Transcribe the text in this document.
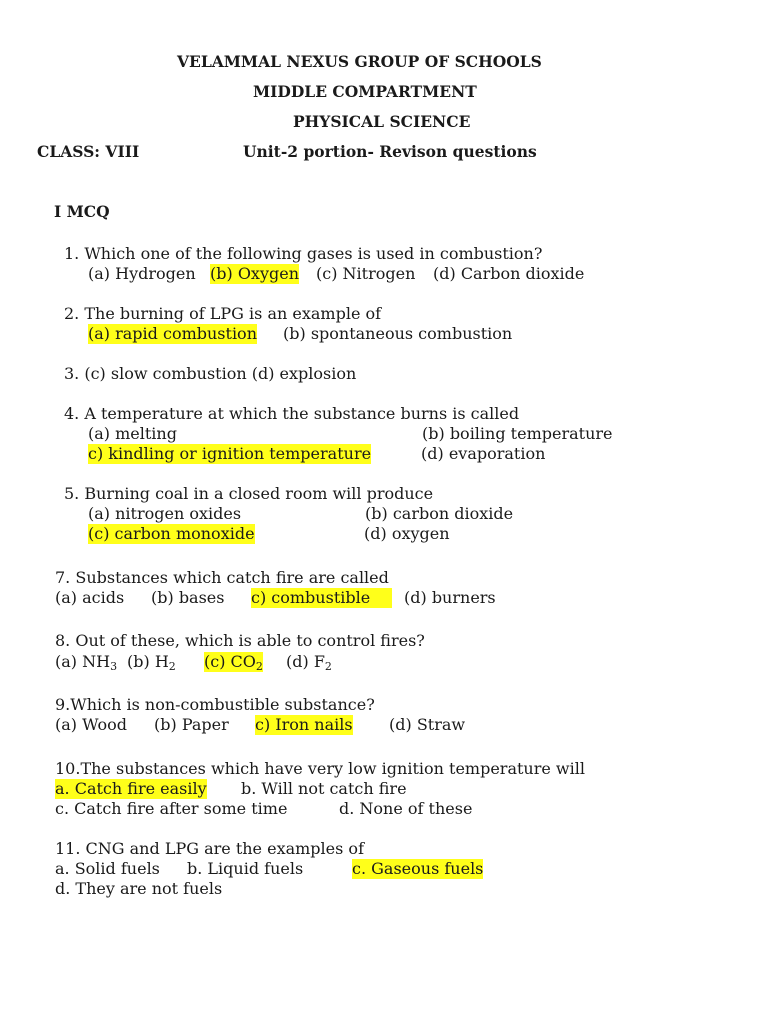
VELAMMAL NEXUS GROUP OF SCHOOLS
MIDDLE COMPARTMENT
PHYSICAL SCIENCE
CLASS: VIII	Unit-2 portion- Revison questions
I MCQ
1. Which one of the following gases is used in combustion?
(a) Hydrogen (b) Oxygen (c) Nitrogen (d) Carbon dioxide
2. The burning of LPG is an example of
(a) rapid combustion (b) spontaneous combustion
3. (c) slow combustion (d) explosion
4. A temperature at which the substance burns is called
(a) melting	(b) boiling temperature
c) kindling or ignition temperature	(d) evaporation
5. Burning coal in a closed room will produce
(a) nitrogen oxides	(b) carbon dioxide
(c) carbon monoxide	(d) oxygen
7. Substances which catch fire are called
(a) acids (b) bases c) combustible	(d) burners
8. Out of these, which is able to control fires?
(a) $NH_3$ (b) $H_2$ (c) $CO_2$ (d) $F_2$
9.Which is non-combustible substance?
(a) Wood (b) Paper c) Iron nails (d) Straw
10.The substances which have very low ignition temperature will
a. Catch fire easily b. Will not catch fire
c. Catch fire after some time	d. None of these
11. CNG and LPG are the examples of
a. Solid fuels b. Liquid fuels	c. Gaseous fuels
d. They are not fuels
